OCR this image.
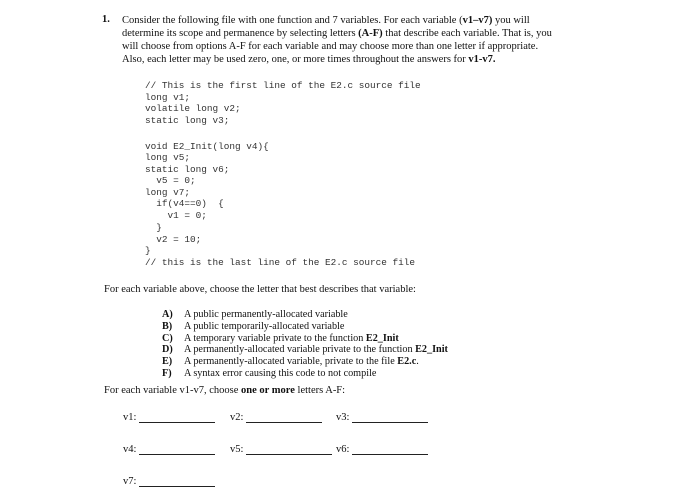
1. Consider the following file with one function and 7 variables. For each variable (v1–v7) you will
determine its scope and permanence by selecting letters (A-F) that describe each variable. That is, you
will choose from options A-F for each variable and may choose more than one letter if appropriate.
Also, each letter may be used zero, one, or more times throughout the answers for v1-v7.
// This is the first line of the E2.c source file
long v1;
volatile long v2;
static long v3;
void E2_Init(long v4){
long v5;
static long v6;
v5 = 0;
long v7;
if(v4==0)  {
v1 = 0;
}
v2 = 10;
}
// this is the last line of the E2.c source file
For each variable above, choose the letter that best describes that variable:
A) A public permanently-allocated variable
B) A public temporarily-allocated variable
C) A temporary variable private to the function E2_Init
D) A permanently-allocated variable private to the function E2_Init
E) A permanently-allocated variable, private to the file E2.c.
F) A syntax error causing this code to not compile
For each variable v1-v7, choose one or more letters A-F:
v1:	v2:	v3:
v4:	v5:	v6:
v7:
